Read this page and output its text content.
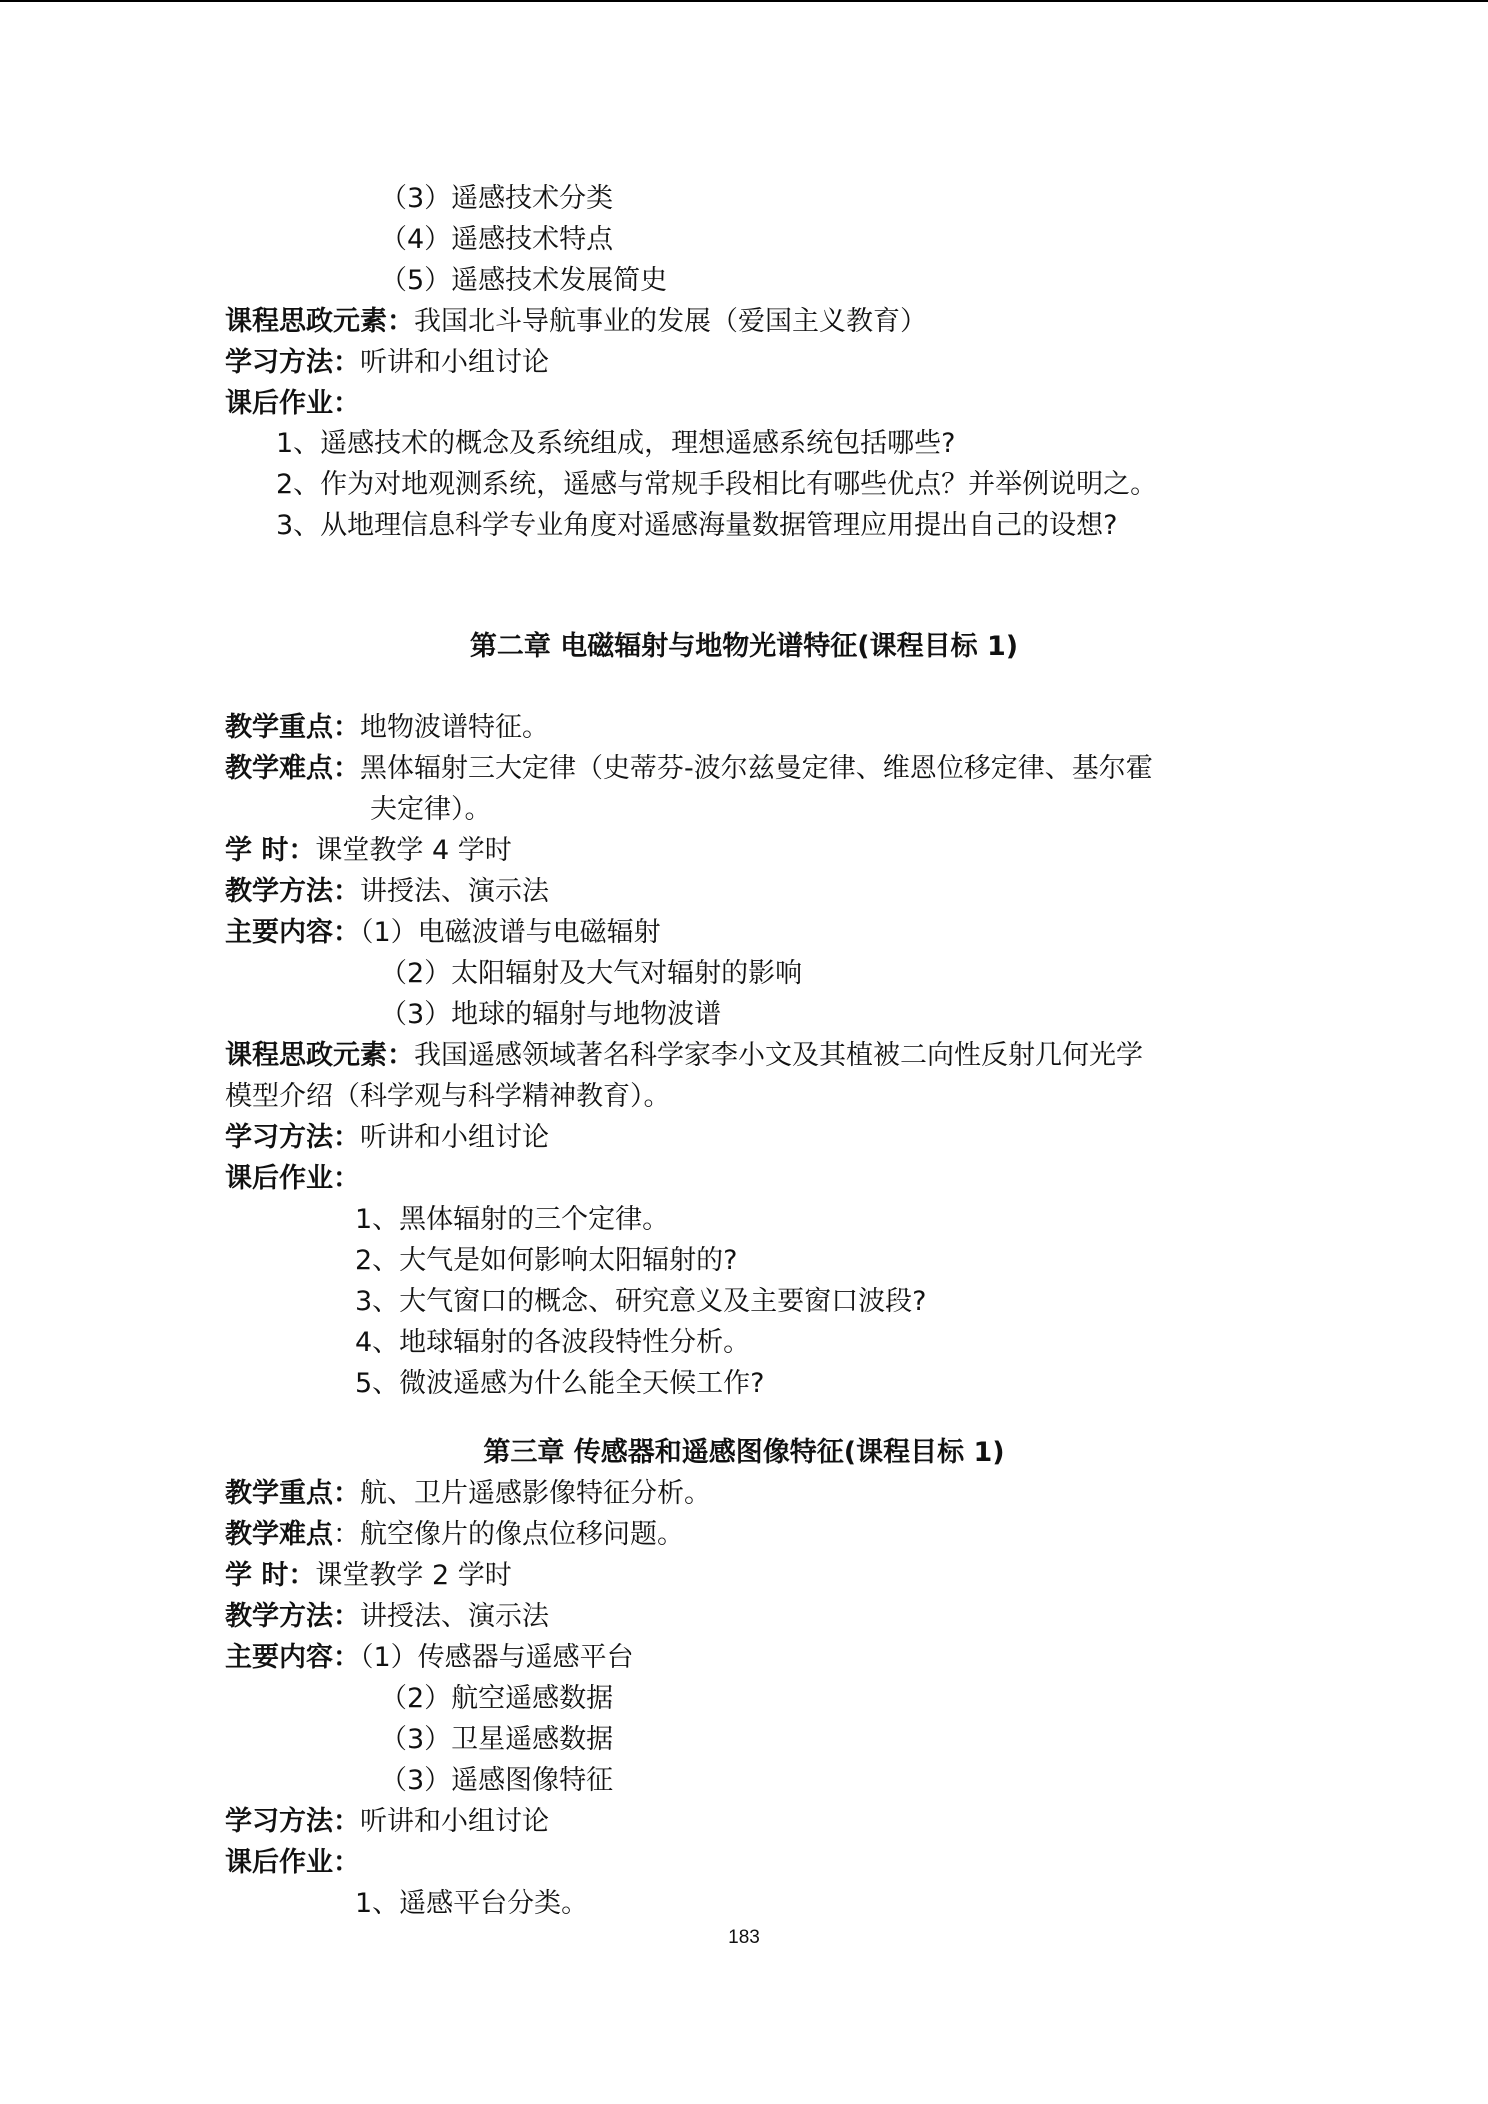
（3）遥感技术分类
（4）遥感技术特点
（5）遥感技术发展简史
课程思政元素：我国北斗导航事业的发展（爱国主义教育）
学习方法：听讲和小组讨论
课后作业：
1、遥感技术的概念及系统组成，理想遥感系统包括哪些?
2、作为对地观测系统，遥感与常规手段相比有哪些优点？并举例说明之。
3、从地理信息科学专业角度对遥感海量数据管理应用提出自己的设想?
第二章 电磁辐射与地物光谱特征(课程目标 1)
教学重点：地物波谱特征。
教学难点：黑体辐射三大定律（史蒂芬-波尔兹曼定律、维恩位移定律、基尔霍
夫定律）。
学 时：课堂教学 4 学时
教学方法：讲授法、演示法
主要内容：（1）电磁波谱与电磁辐射
（2）太阳辐射及大气对辐射的影响
（3）地球的辐射与地物波谱
课程思政元素：我国遥感领域著名科学家李小文及其植被二向性反射几何光学
模型介绍（科学观与科学精神教育）。
学习方法：听讲和小组讨论
课后作业：
1、黑体辐射的三个定律。
2、大气是如何影响太阳辐射的?
3、大气窗口的概念、研究意义及主要窗口波段?
4、地球辐射的各波段特性分析。
5、微波遥感为什么能全天候工作?
第三章 传感器和遥感图像特征(课程目标 1)
教学重点：航、卫片遥感影像特征分析。
教学难点：航空像片的像点位移问题。
学 时：课堂教学 2 学时
教学方法：讲授法、演示法
主要内容：（1）传感器与遥感平台
（2）航空遥感数据
（3）卫星遥感数据
（3）遥感图像特征
学习方法：听讲和小组讨论
课后作业：
1、遥感平台分类。
183
